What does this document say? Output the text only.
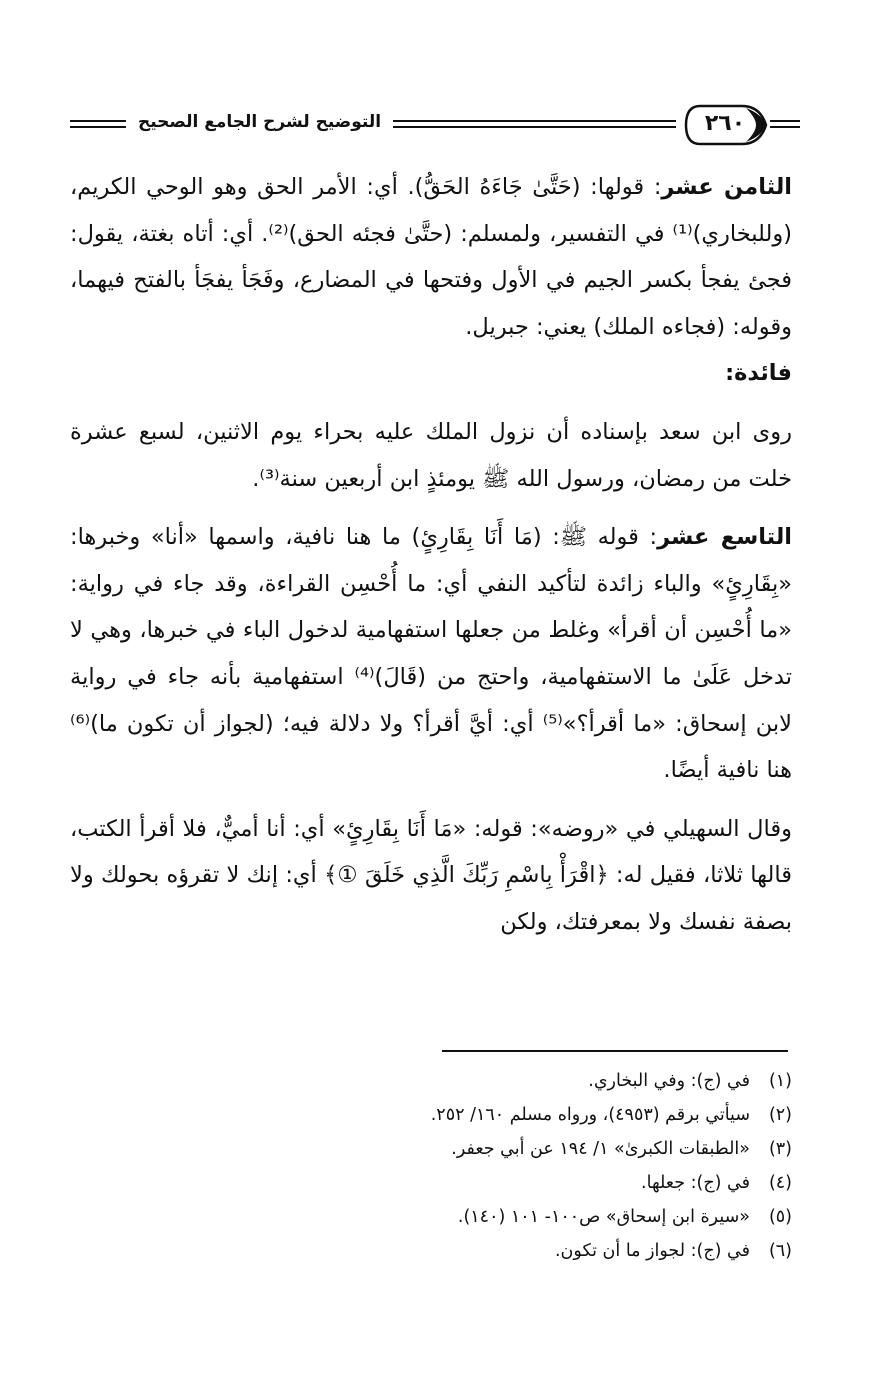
التوضيح لشرح الجامع الصحيح	٢٦٠

الثامن عشر: قولها: (حَتَّىٰ جَاءَهُ الحَقُّ). أي: الأمر الحق وهو الوحي الكريم، (وللبخاري)⁽¹⁾ في التفسير، ولمسلم: (حتَّىٰ فجئه الحق)⁽²⁾. أي: أتاه بغتة، يقول: فجئ يفجأ بكسر الجيم في الأول وفتحها في المضارع، وفَجَأ يفجَأ بالفتح فيهما، وقوله: (فجاءه الملك) يعني: جبريل.

فائدة:

روى ابن سعد بإسناده أن نزول الملك عليه بحراء يوم الاثنين، لسبع عشرة خلت من رمضان، ورسول الله ﷺ يومئذٍ ابن أربعين سنة⁽³⁾.

التاسع عشر: قوله ﷺ: (مَا أَنَا بِقَارِئٍ) ما هنا نافية، واسمها «أنا» وخبرها: «بِقَارِئٍ» والباء زائدة لتأكيد النفي أي: ما أُحْسِن القراءة، وقد جاء في رواية: «ما أُحْسِن أن أقرأ» وغلط من جعلها استفهامية لدخول الباء في خبرها، وهي لا تدخل عَلَىٰ ما الاستفهامية، واحتج من (قَالَ)⁽⁴⁾ استفهامية بأنه جاء في رواية لابن إسحاق: «ما أقرأ؟»⁽⁵⁾ أي: أيَّ أقرأ؟ ولا دلالة فيه؛ (لجواز أن تكون ما)⁽⁶⁾ هنا نافية أيضًا.

وقال السهيلي في «روضه»: قوله: «مَا أَنَا بِقَارِئٍ» أي: أنا أميٌّ، فلا أقرأ الكتب، قالها ثلاثا، فقيل له: ﴿اقْرَأْ بِاسْمِ رَبِّكَ الَّذِي خَلَقَ ①﴾ أي: إنك لا تقرؤه بحولك ولا بصفة نفسك ولا بمعرفتك، ولكن

(١)في (ج): وفي البخاري.
(٢)سيأتي برقم (٤٩٥٣)، ورواه مسلم ١٦٠/ ٢٥٢.
(٣)«الطبقات الكبرىٰ» ١/ ١٩٤ عن أبي جعفر.
(٤)في (ج): جعلها.
(٥)«سيرة ابن إسحاق» ص١٠٠- ١٠١ (١٤٠).
(٦)في (ج): لجواز ما أن تكون.
